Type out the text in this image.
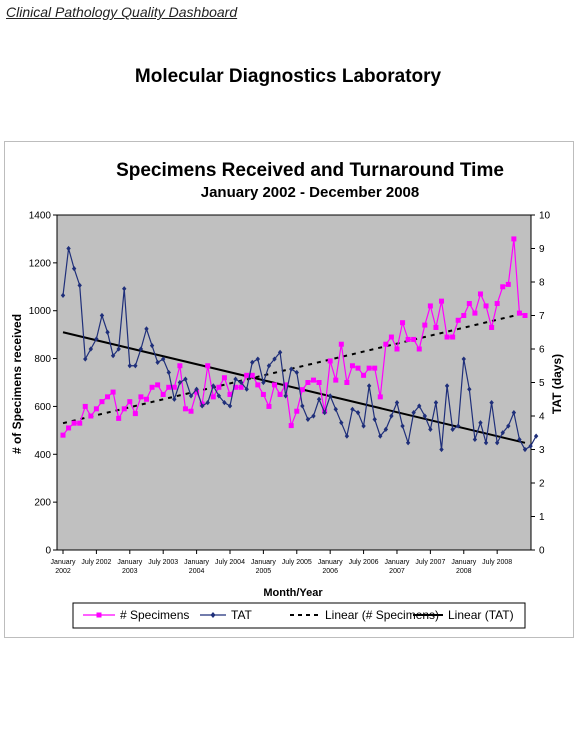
Clinical Pathology Quality Dashboard
Molecular Diagnostics Laboratory
Specimens Received and Turnaround Time
January 2002 - December 2008
0
200
400
600
800
1000
1200
1400
0
1
2
3
4
5
6
7
8
9
10
January 2002
July 2002 January 2003
July 2003 January 2004
July 2004 January 2005
July 2005 January 2006
July 2006 January 2007
July 2007 January 2008
July 2008
Month/Year
# of Specimens received	TAT (days)
# Specimens	TAT	Linear (# Specimens) Linear (TAT)
